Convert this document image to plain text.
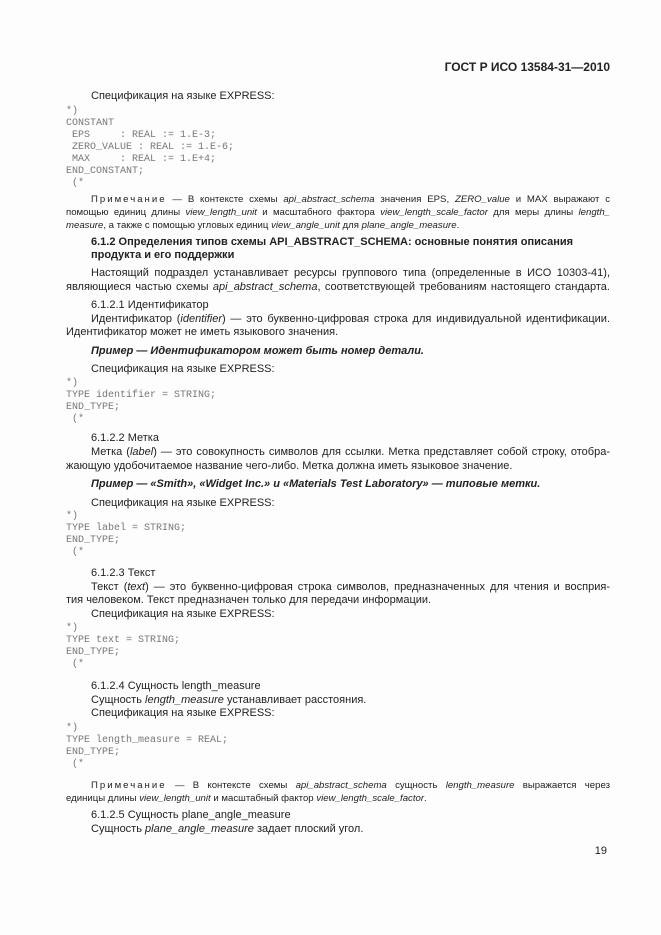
ГОСТ Р ИСО 13584-31—2010
Спецификация на языке EXPRESS:
*)
CONSTANT
EPS     : REAL := 1.E-3;
ZERO_VALUE : REAL := 1.E-6;
MAX     : REAL := 1.E+4;
END_CONSTANT;
(*
Примечание — В контексте схемы api_abstract_schema значения EPS, ZERO_value и MAX выражают с
помощью единиц длины view_length_unit и масштабного фактора view_length_scale_factor для меры длины length_
measure, а также с помощью угловых единиц view_angle_unit для plane_angle_measure.
6.1.2 Определения типов схемы API_ABSTRACT_SCHEMA: основные понятия описания
продукта и его поддержки
Настоящий подраздел устанавливает ресурсы группового типа (определенные в ИСО 10303-41),
являющиеся частью схемы api_abstract_schema, соответствующей требованиям настоящего стандарта.
6.1.2.1 Идентификатор
Идентификатор (identifier) — это буквенно-цифровая строка для индивидуальной идентификации.
Идентификатор может не иметь языкового значения.
Пример — Идентификатором может быть номер детали.
Спецификация на языке EXPRESS:
*)
TYPE identifier = STRING;
END_TYPE;
(*
6.1.2.2 Метка
Метка (label) — это совокупность символов для ссылки. Метка представляет собой строку, отобра-
жающую удобочитаемое название чего-либо. Метка должна иметь языковое значение.
Пример — «Smith», «Widget Inc.» и «Materials Test Laboratory» — типовые метки.
Спецификация на языке EXPRESS:
*)
TYPE label = STRING;
END_TYPE;
(*
6.1.2.3 Текст
Текст (text) — это буквенно-цифровая строка символов, предназначенных для чтения и восприя-
тия человеком. Текст предназначен только для передачи информации.
Спецификация на языке EXPRESS:
*)
TYPE text = STRING;
END_TYPE;
(*
6.1.2.4 Сущность length_measure
Сущность length_measure устанавливает расстояния.
Спецификация на языке EXPRESS:
*)
TYPE length_measure = REAL;
END_TYPE;
(*
Примечание — В контексте схемы api_abstract_schema сущность length_measure выражается через
единицы длины view_length_unit и масштабный фактор view_length_scale_factor.
6.1.2.5 Сущность plane_angle_measure
Сущность plane_angle_measure задает плоский угол.
19
